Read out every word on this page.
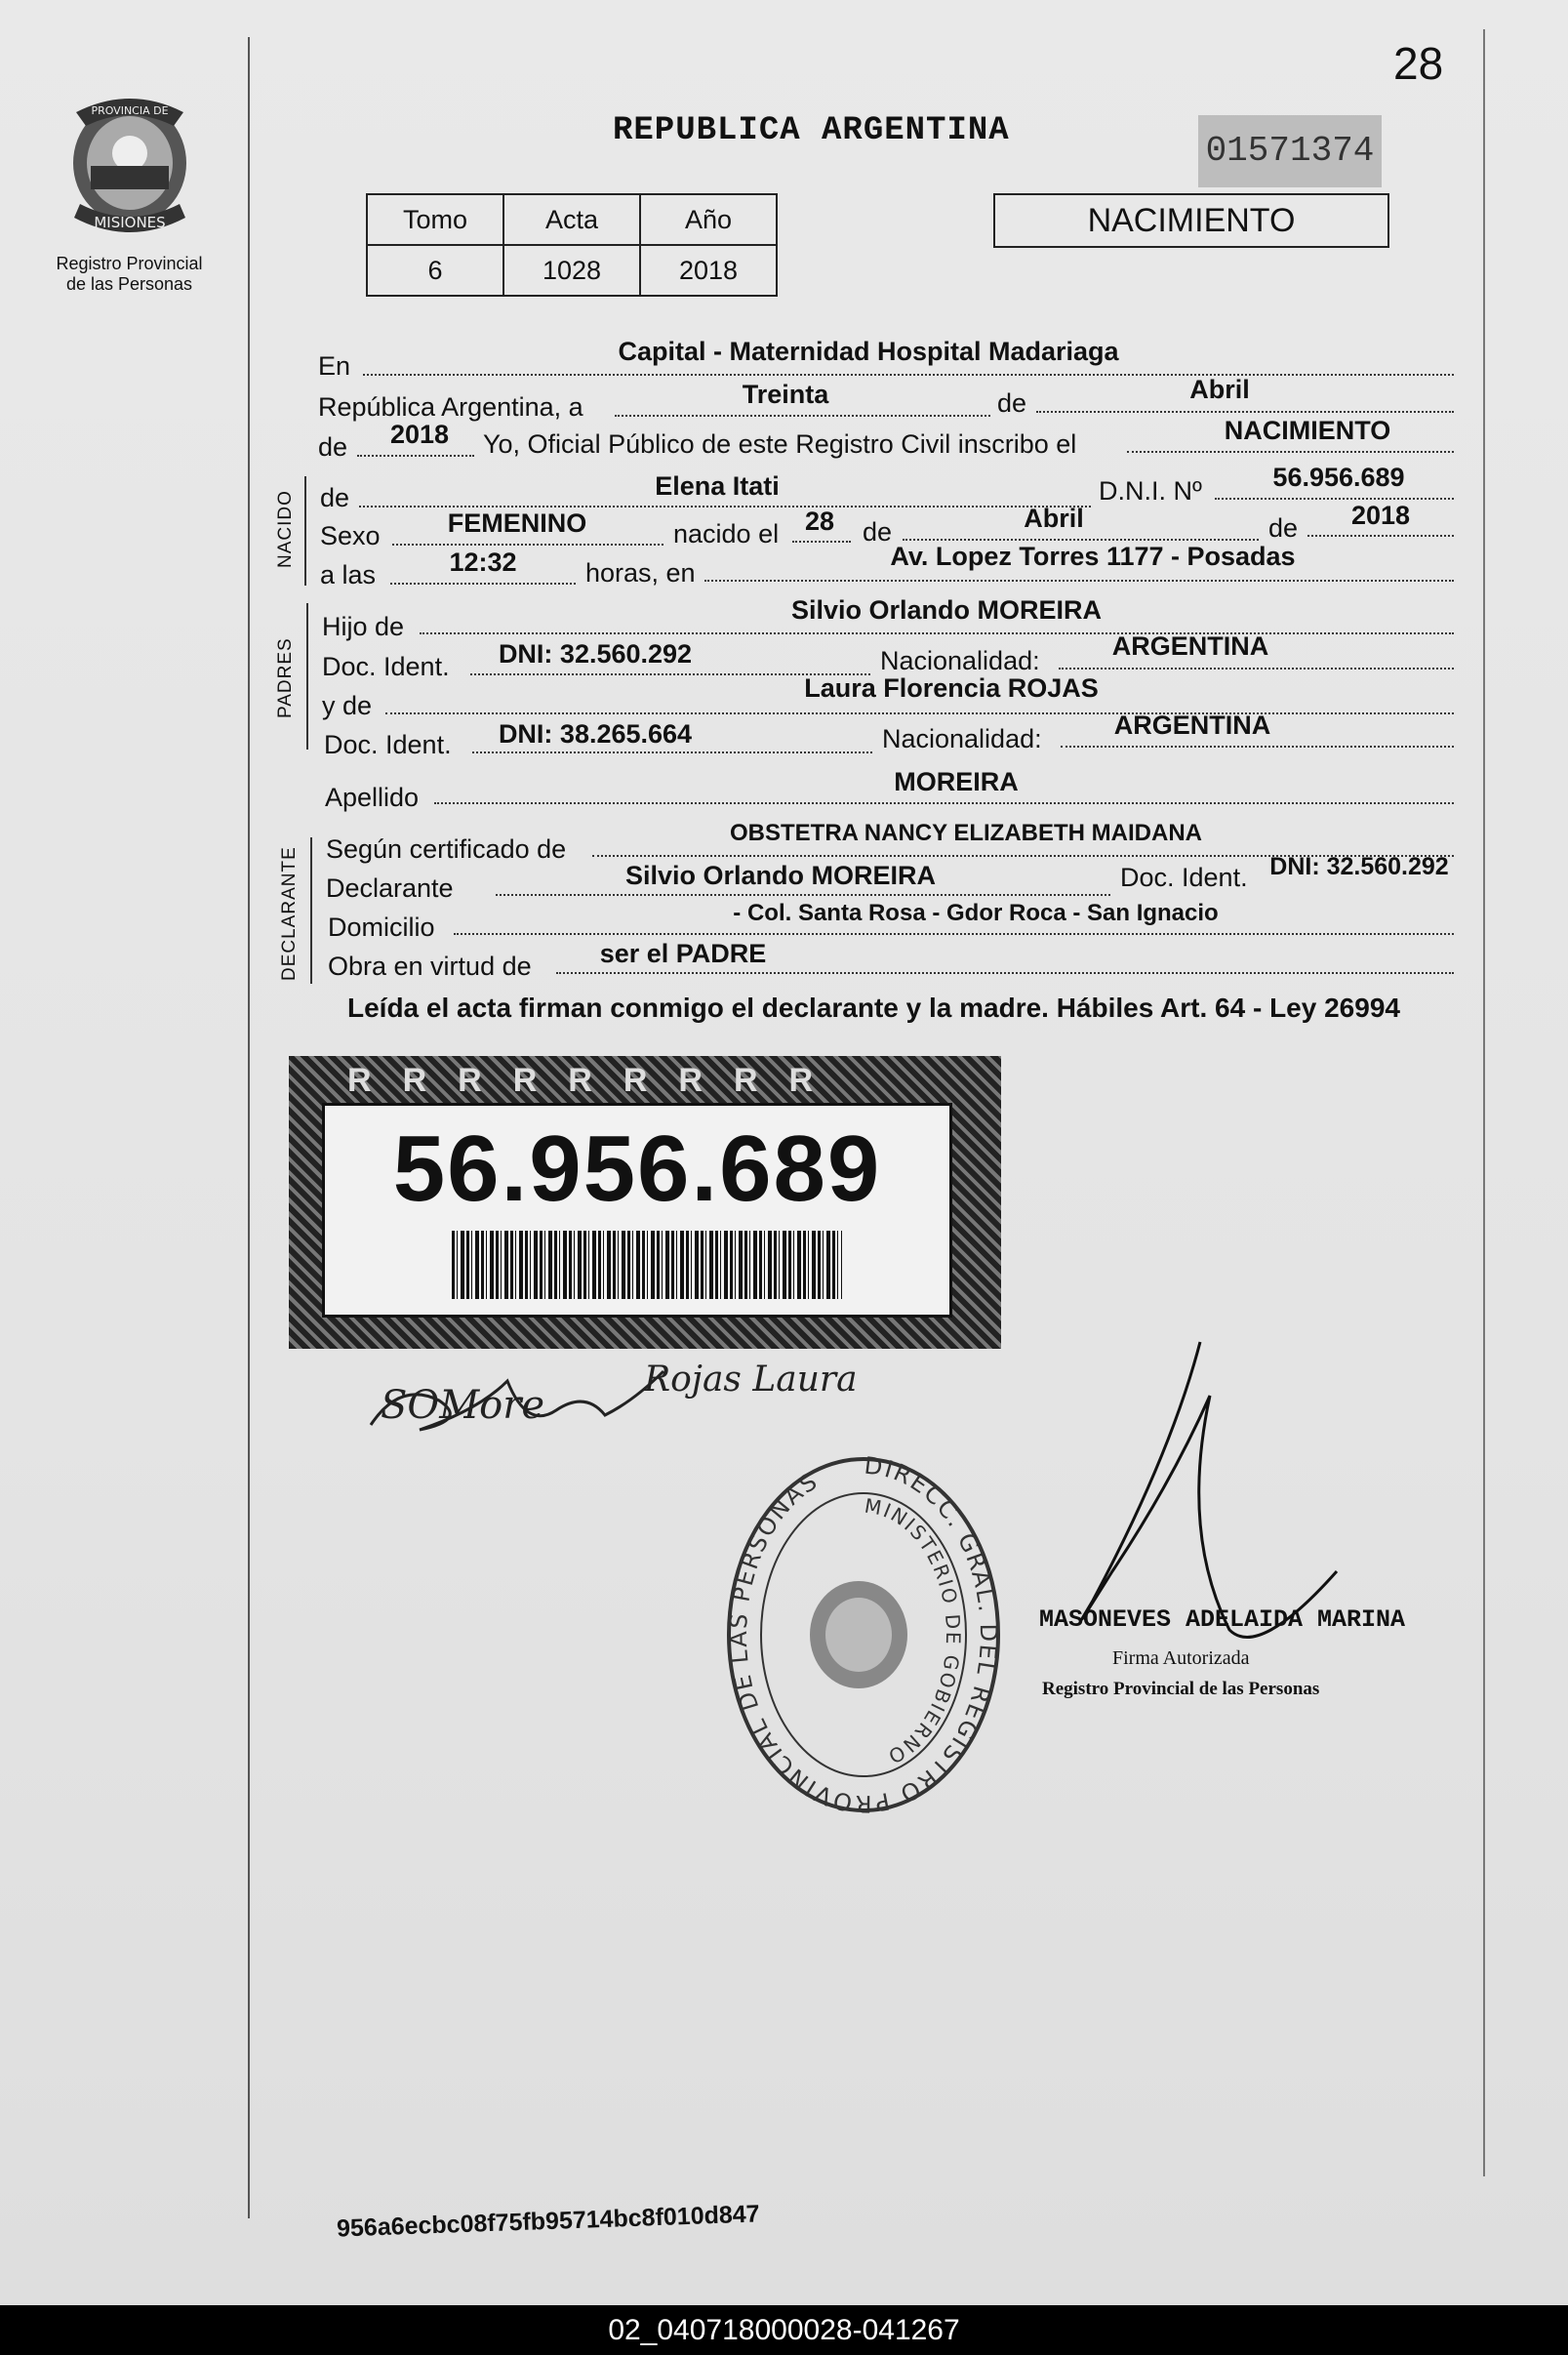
28
PROVINCIA DE
MISIONES
Registro Provincial
de las Personas
REPUBLICA ARGENTINA	01571374
Tomo	Acta	Año
6	1028	2018
NACIMIENTO
En	Capital - Maternidad Hospital Madariaga
República Argentina, a	Treinta	de	Abril
de	2018	Yo, Oficial Público de este Registro Civil inscribo el	NACIMIENTO
NACIDO de	Elena Itati	D.N.I. Nº	56.956.689
Sexo	FEMENINO	nacido el 28	de	Abril	de	2018
a las	12:32	horas, en
Av. Lopez Torres 1177 - Posadas
PADRES
Hijo de
Silvio Orlando MOREIRA
Doc. Ident.	DNI: 32.560.292	Nacionalidad:	ARGENTINA
y de
Laura Florencia ROJAS
Doc. Ident.	DNI: 38.265.664	Nacionalidad:	ARGENTINA
Apellido
MOREIRA
DECLARANTE Según certificado de
OBSTETRA NANCY ELIZABETH MAIDANA
Declarante	Silvio Orlando MOREIRA	Doc. Ident. DNI: 32.560.292
Domicilio	- Col. Santa Rosa - Gdor Roca - San Ignacio
Obra en virtud de	ser el PADRE
Leída el acta firman conmigo el declarante y la madre. Hábiles Art. 64 - Ley 26994
RRRRRRRRR
56.956.689
SOMore
Rojas Laura
DIRECC. GRAL. DEL REGISTRO PROVINCIAL DE LAS PERSONAS
MINISTERIO DE GOBIERNO
MASONEVES ADELAIDA MARINA
Firma Autorizada
Registro Provincial de las Personas
956a6ecbc08f75fb95714bc8f010d847
02_040718000028-041267
